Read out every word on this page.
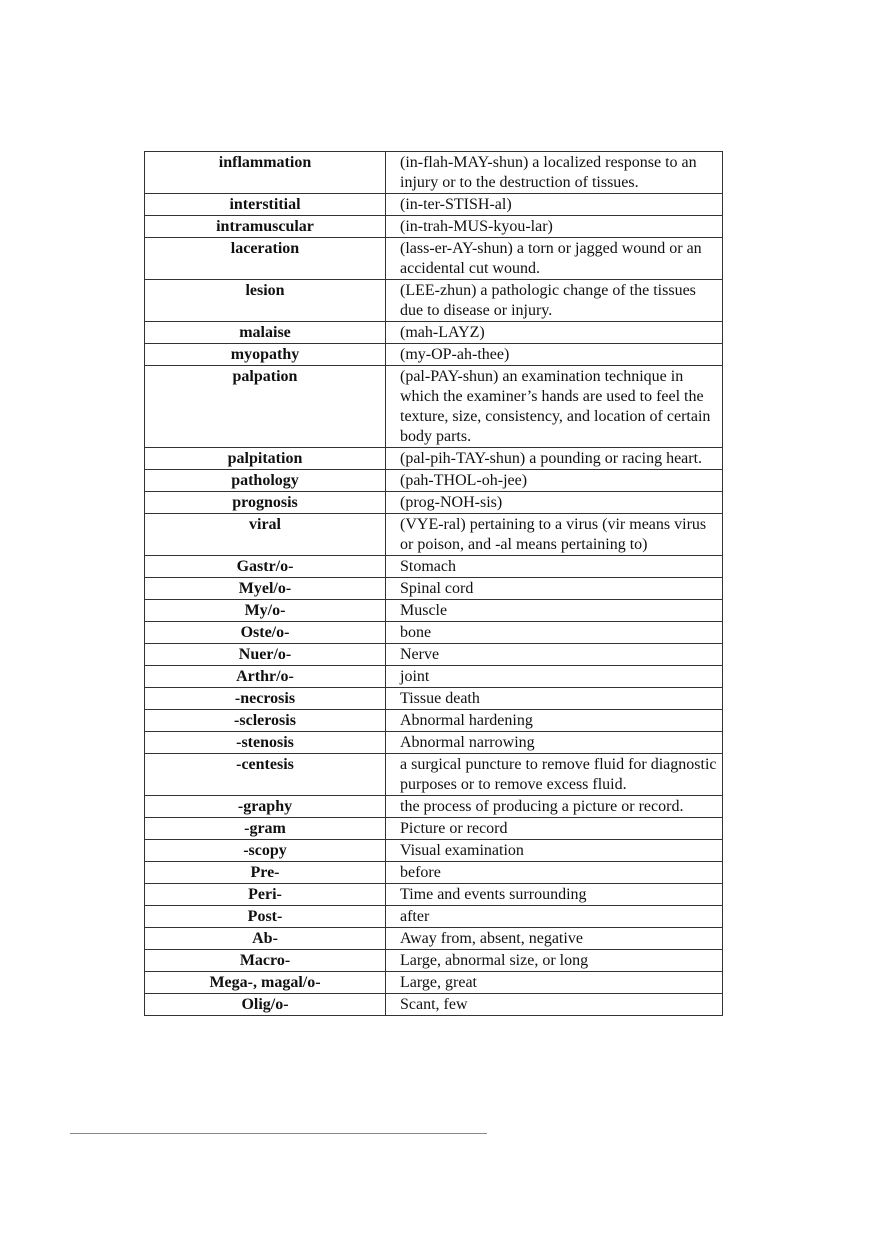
inflammation	(in-flah-MAY-shun) a localized response to an injury or to the destruction of tissues.
interstitial	(in-ter-STISH-al)
intramuscular	(in-trah-MUS-kyou-lar)
laceration	(lass-er-AY-shun) a torn or jagged wound or an accidental cut wound.
lesion	(LEE-zhun) a pathologic change of the tissues due to disease or injury.
malaise	(mah-LAYZ)
myopathy	(my-OP-ah-thee)
palpation	(pal-PAY-shun) an examination technique in which the examiner’s hands are used to feel the texture, size, consistency, and location of certain body parts.
palpitation	(pal-pih-TAY-shun) a pounding or racing heart.
pathology	(pah-THOL-oh-jee)
prognosis	(prog-NOH-sis)
viral	(VYE-ral) pertaining to a virus (vir means virus or poison, and -al means pertaining to)
Gastr/o-	Stomach
Myel/o-	Spinal cord
My/o-	Muscle
Oste/o-	bone
Nuer/o-	Nerve
Arthr/o-	joint
-necrosis	Tissue death
-sclerosis	Abnormal hardening
-stenosis	Abnormal narrowing
-centesis	a surgical puncture to remove fluid for diagnostic purposes or to remove excess fluid.
-graphy	the process of producing a picture or record.
-gram	Picture or record
-scopy	Visual examination
Pre-	before
Peri-	Time and events surrounding
Post-	after
Ab-	Away from, absent, negative
Macro-	Large, abnormal size, or long
Mega-, magal/o-	Large, great
Olig/o-	Scant, few
